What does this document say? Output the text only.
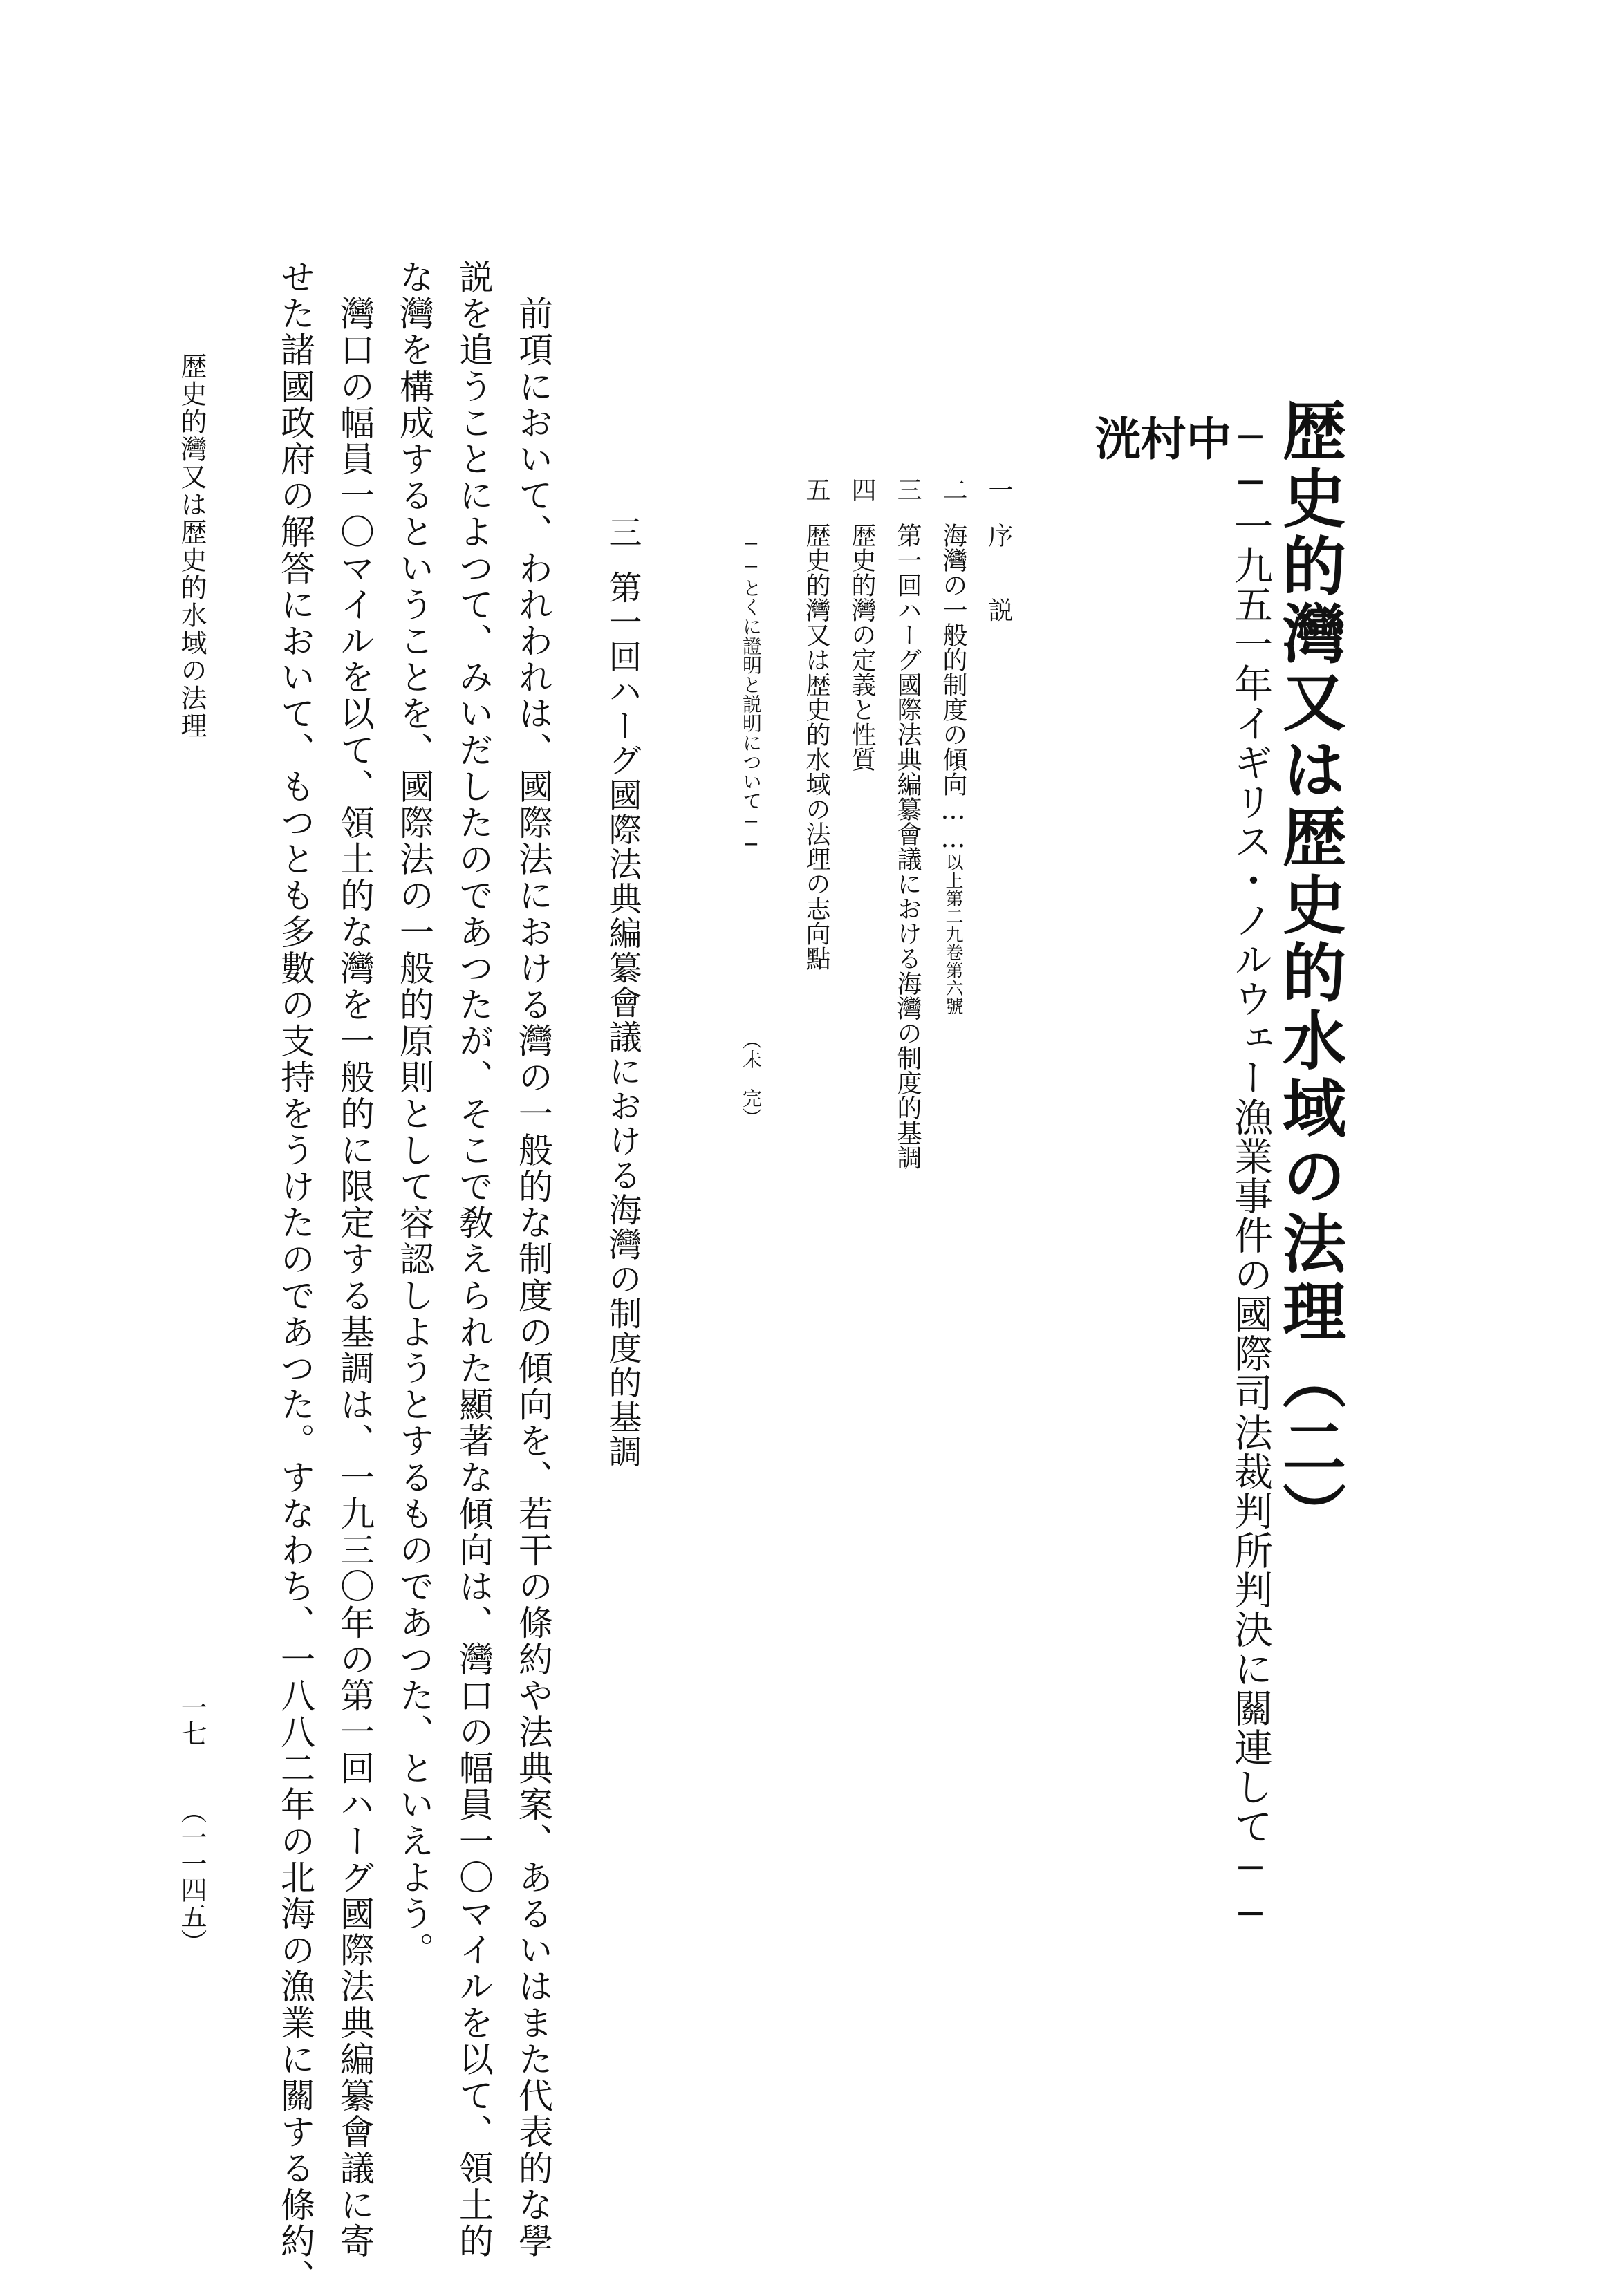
歴史的灣又は歴史的水域の法理（二）
──一九五一年イギリス・ノルウェー漁業事件の國際司法裁判所判決に關連して──
中
村
洸
一序　　説
二海灣の一般的制度の傾向……以上第二九卷第六號
三第一回ハーグ國際法典編纂會議における海灣の制度的基調
四歴史的灣の定義と性質
五歴史的灣又は歴史的水域の法理の志向點
──とくに證明と説明について──
（未　完）
三第一回ハーグ國際法典編纂會議における海灣の制度的基調
　前項において、われわれは、國際法における灣の一般的な制度の傾向を、若干の條約や法典案、あるいはまた代表的な學
説を追うことによつて、みいだしたのであつたが、そこで敎えられた顯著な傾向は、灣口の幅員一〇マイルを以て、領土的
な灣を構成するということを、國際法の一般的原則として容認しようとするものであつた、といえよう。
　灣口の幅員一〇マイルを以て、領土的な灣を一般的に限定する基調は、一九三〇年の第一回ハーグ國際法典編纂會議に寄
せた諸國政府の解答において、もつとも多數の支持をうけたのであつた。すなわち、一八八二年の北海の漁業に關する條約、
歴史的灣又は歴史的水域の法理
一七
（一一四五）
